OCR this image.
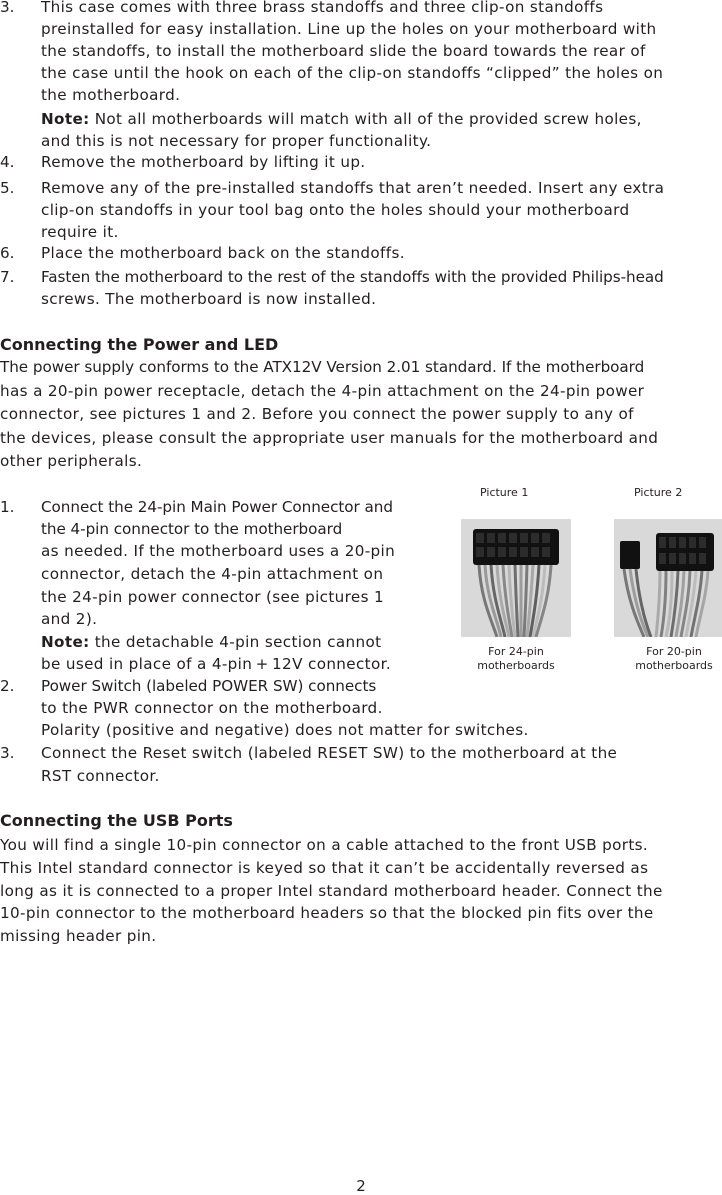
3. This case comes with three brass standoffs and three clip-on standoffs
preinstalled for easy installation. Line up the holes on your motherboard with
the standoffs, to install the motherboard slide the board towards the rear of
the case until the hook on each of the clip-on standoffs “clipped” the holes on
the motherboard.
Note: Not all motherboards will match with all of the provided screw holes,
and this is not necessary for proper functionality.
4. Remove the motherboard by lifting it up.
5. Remove any of the pre-installed standoffs that aren’t needed. Insert any extra
clip-on standoffs in your tool bag onto the holes should your motherboard
require it.
6. Place the motherboard back on the standoffs.
7. Fasten the motherboard to the rest of the standoffs with the provided Philips-head
screws. The motherboard is now installed.
Connecting the Power and LED
The power supply conforms to the ATX12V Version 2.01 standard. If the motherboard
has a 20-pin power receptacle, detach the 4-pin attachment on the 24-pin power
connector, see pictures 1 and 2. Before you connect the power supply to any of
the devices, please consult the appropriate user manuals for the motherboard and
other peripherals.
1. Connect the 24-pin Main Power Connector and
the 4-pin connector to the motherboard
as needed. If the motherboard uses a 20-pin
connector, detach the 4-pin attachment on
the 24-pin power connector (see pictures 1
and 2).
Note: the detachable 4-pin section cannot
be used in place of a 4-pin + 12V connector.
2. Power Switch (labeled POWER SW) connects
to the PWR connector on the motherboard.
Polarity (positive and negative) does not matter for switches.
3. Connect the Reset switch (labeled RESET SW) to the motherboard at the
RST connector.
Picture 1
For 24-pin
motherboards
Picture 2
For 20-pin
motherboards
Connecting the USB Ports
You will find a single 10-pin connector on a cable attached to the front USB ports.
This Intel standard connector is keyed so that it can’t be accidentally reversed as
long as it is connected to a proper Intel standard motherboard header. Connect the
10-pin connector to the motherboard headers so that the blocked pin fits over the
missing header pin.
2
